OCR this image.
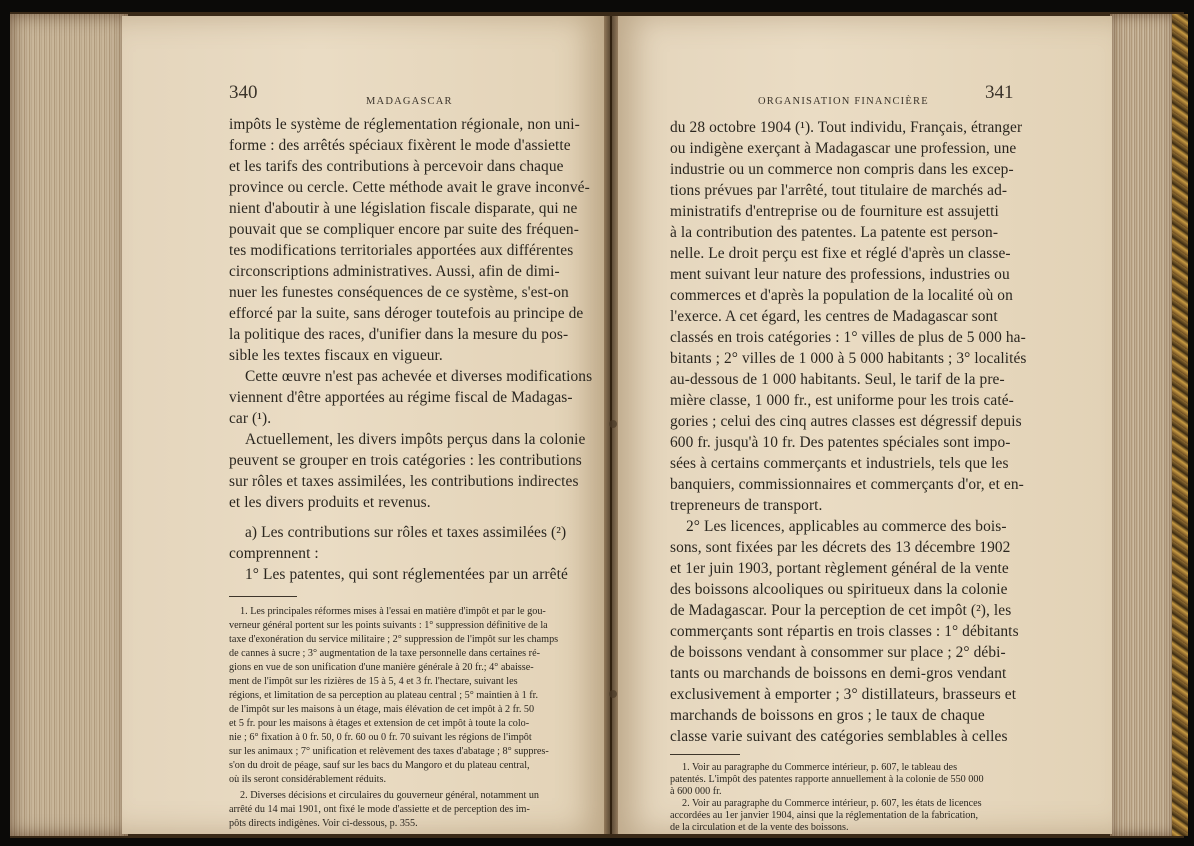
340	MADAGASCAR
impôts le système de réglementation régionale, non uni-
forme : des arrêtés spéciaux fixèrent le mode d'assiette
et les tarifs des contributions à percevoir dans chaque
province ou cercle. Cette méthode avait le grave inconvé-
nient d'aboutir à une législation fiscale disparate, qui ne
pouvait que se compliquer encore par suite des fréquen-
tes modifications territoriales apportées aux différentes
circonscriptions administratives. Aussi, afin de dimi-
nuer les funestes conséquences de ce système, s'est-on
efforcé par la suite, sans déroger toutefois au principe de
la politique des races, d'unifier dans la mesure du pos-
sible les textes fiscaux en vigueur.
Cette œuvre n'est pas achevée et diverses modifications
viennent d'être apportées au régime fiscal de Madagas-
car (¹).
Actuellement, les divers impôts perçus dans la colonie
peuvent se grouper en trois catégories : les contributions
sur rôles et taxes assimilées, les contributions indirectes
et les divers produits et revenus.
a) Les contributions sur rôles et taxes assimilées (²)
comprennent :
1° Les patentes, qui sont réglementées par un arrêté
1. Les principales réformes mises à l'essai en matière d'impôt et par le gou-
verneur général portent sur les points suivants : 1° suppression définitive de la
taxe d'exonération du service militaire ; 2° suppression de l'impôt sur les champs
de cannes à sucre ; 3° augmentation de la taxe personnelle dans certaines ré-
gions en vue de son unification d'une manière générale à 20 fr.; 4° abaisse-
ment de l'impôt sur les rizières de 15 à 5, 4 et 3 fr. l'hectare, suivant les
régions, et limitation de sa perception au plateau central ; 5° maintien à 1 fr.
de l'impôt sur les maisons à un étage, mais élévation de cet impôt à 2 fr. 50
et 5 fr. pour les maisons à étages et extension de cet impôt à toute la colo-
nie ; 6° fixation à 0 fr. 50, 0 fr. 60 ou 0 fr. 70 suivant les régions de l'impôt
sur les animaux ; 7° unification et relèvement des taxes d'abatage ; 8° suppres-
s'on du droit de péage, sauf sur les bacs du Mangoro et du plateau central,
où ils seront considérablement réduits.
2. Diverses décisions et circulaires du gouverneur général, notamment un
arrêté du 14 mai 1901, ont fixé le mode d'assiette et de perception des im-
pôts directs indigènes. Voir ci-dessous, p. 355.
ORGANISATION FINANCIÈRE	341
du 28 octobre 1904 (¹). Tout individu, Français, étranger
ou indigène exerçant à Madagascar une profession, une
industrie ou un commerce non compris dans les excep-
tions prévues par l'arrêté, tout titulaire de marchés ad-
ministratifs d'entreprise ou de fourniture est assujetti
à la contribution des patentes. La patente est person-
nelle. Le droit perçu est fixe et réglé d'après un classe-
ment suivant leur nature des professions, industries ou
commerces et d'après la population de la localité où on
l'exerce. A cet égard, les centres de Madagascar sont
classés en trois catégories : 1° villes de plus de 5 000 ha-
bitants ; 2° villes de 1 000 à 5 000 habitants ; 3° localités
au-dessous de 1 000 habitants. Seul, le tarif de la pre-
mière classe, 1 000 fr., est uniforme pour les trois caté-
gories ; celui des cinq autres classes est dégressif depuis
600 fr. jusqu'à 10 fr. Des patentes spéciales sont impo-
sées à certains commerçants et industriels, tels que les
banquiers, commissionnaires et commerçants d'or, et en-
trepreneurs de transport.
2° Les licences, applicables au commerce des bois-
sons, sont fixées par les décrets des 13 décembre 1902
et 1er juin 1903, portant règlement général de la vente
des boissons alcooliques ou spiritueux dans la colonie
de Madagascar. Pour la perception de cet impôt (²), les
commerçants sont répartis en trois classes : 1° débitants
de boissons vendant à consommer sur place ; 2° débi-
tants ou marchands de boissons en demi-gros vendant
exclusivement à emporter ; 3° distillateurs, brasseurs et
marchands de boissons en gros ; le taux de chaque
classe varie suivant des catégories semblables à celles
1. Voir au paragraphe du Commerce intérieur, p. 607, le tableau des
patentés. L'impôt des patentes rapporte annuellement à la colonie de 550 000
à 600 000 fr.
2. Voir au paragraphe du Commerce intérieur, p. 607, les états de licences
accordées au 1er janvier 1904, ainsi que la réglementation de la fabrication,
de la circulation et de la vente des boissons.
